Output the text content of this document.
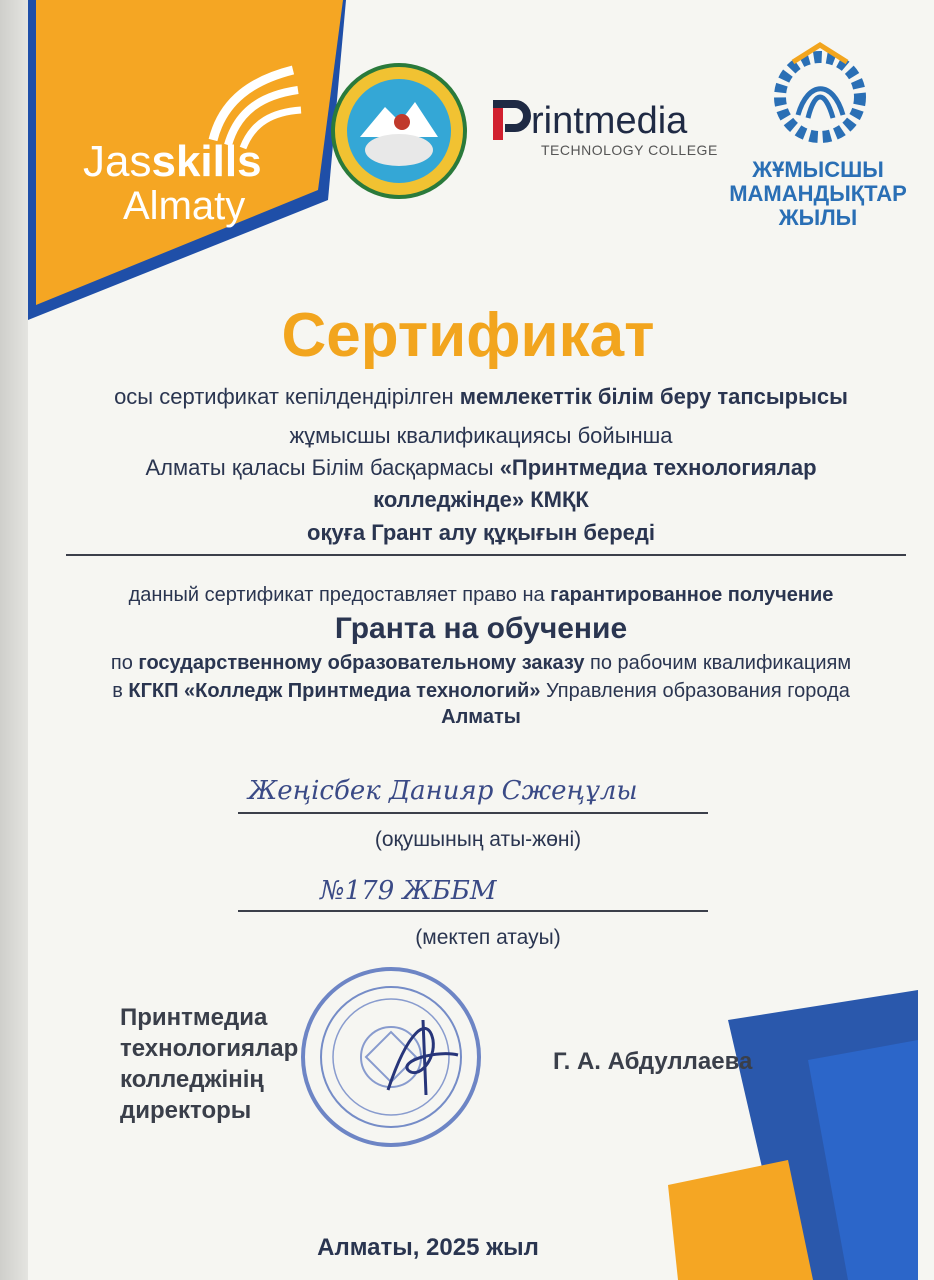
Jasskills
Almaty
rintmedia
TECHNOLOGY COLLEGE
ЖҰМЫСШЫ
МАМАНДЫҚТАР
ЖЫЛЫ
Сертификат
осы сертификат кепілдендірілген мемлекеттік білім беру тапсырысы
жұмысшы квалификациясы бойынша
Алматы қаласы Білім басқармасы «Принтмедиа технологиялар
колледжінде» КМҚК
оқуға Грант алу құқығын береді
данный сертификат предоставляет право на гарантированное получение
Гранта на обучение
по государственному образовательному заказу по рабочим квалификациям
в КГКП «Колледж Принтмедиа технологий» Управления образования города
Алматы
Жеңісбек Данияр Сжеңұлы
(оқушының аты-жөні)
№179 ЖББМ
(мектеп атауы)
Принтмедиа
технологиялар
колледжінің
директоры
Г. А. Абдуллаева
Алматы, 2025 жыл
